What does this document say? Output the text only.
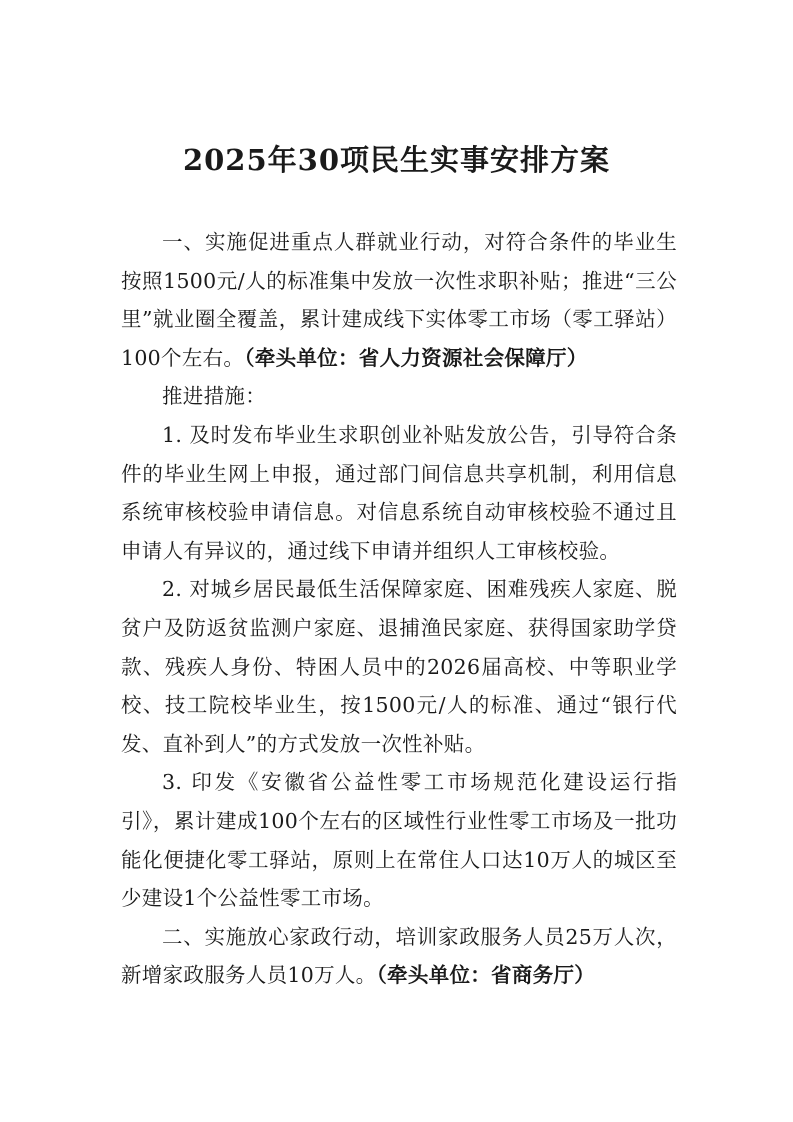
2025年30项民生实事安排方案

一、实施促进重点人群就业行动，对符合条件的毕业生按照1500元/人的标准集中发放一次性求职补贴；推进“三公里”就业圈全覆盖，累计建成线下实体零工市场（零工驿站）100个左右。（牵头单位：省人力资源社会保障厅）

推进措施：

1. 及时发布毕业生求职创业补贴发放公告，引导符合条件的毕业生网上申报，通过部门间信息共享机制，利用信息系统审核校验申请信息。对信息系统自动审核校验不通过且申请人有异议的，通过线下申请并组织人工审核校验。

2. 对城乡居民最低生活保障家庭、困难残疾人家庭、脱贫户及防返贫监测户家庭、退捕渔民家庭、获得国家助学贷款、残疾人身份、特困人员中的2026届高校、中等职业学校、技工院校毕业生，按1500元/人的标准、通过“银行代发、直补到人”的方式发放一次性补贴。

3. 印发《安徽省公益性零工市场规范化建设运行指引》，累计建成100个左右的区域性行业性零工市场及一批功能化便捷化零工驿站，原则上在常住人口达10万人的城区至少建设1个公益性零工市场。

二、实施放心家政行动，培训家政服务人员25万人次，新增家政服务人员10万人。（牵头单位：省商务厅）
